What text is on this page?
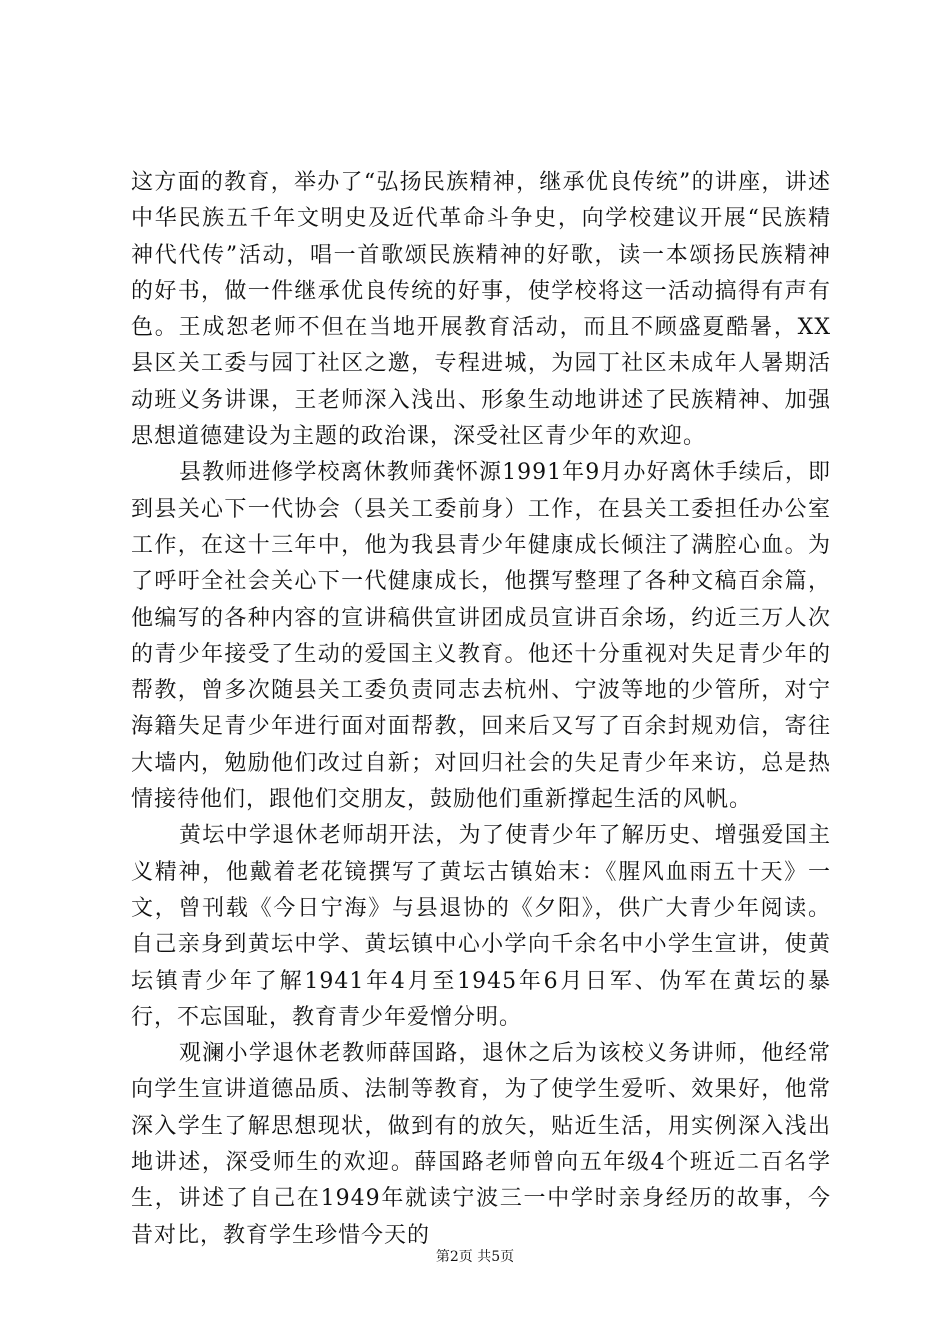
这方面的教育，举办了“弘扬民族精神，继承优良传统”的讲座，讲述中华民族五千年文明史及近代革命斗争史，向学校建议开展“民族精神代代传”活动，唱一首歌颂民族精神的好歌，读一本颂扬民族精神的好书，做一件继承优良传统的好事，使学校将这一活动搞得有声有色。王成恕老师不但在当地开展教育活动，而且不顾盛夏酷暑，XX县区关工委与园丁社区之邀，专程进城，为园丁社区未成年人暑期活动班义务讲课，王老师深入浅出、形象生动地讲述了民族精神、加强思想道德建设为主题的政治课，深受社区青少年的欢迎。

县教师进修学校离休教师龚怀源1991年9月办好离休手续后，即到县关心下一代协会（县关工委前身）工作，在县关工委担任办公室工作，在这十三年中，他为我县青少年健康成长倾注了满腔心血。为了呼吁全社会关心下一代健康成长，他撰写整理了各种文稿百余篇，他编写的各种内容的宣讲稿供宣讲团成员宣讲百余场，约近三万人次的青少年接受了生动的爱国主义教育。他还十分重视对失足青少年的帮教，曾多次随县关工委负责同志去杭州、宁波等地的少管所，对宁海籍失足青少年进行面对面帮教，回来后又写了百余封规劝信，寄往大墙内，勉励他们改过自新；对回归社会的失足青少年来访，总是热情接待他们，跟他们交朋友，鼓励他们重新撑起生活的风帆。

黄坛中学退休老师胡开法，为了使青少年了解历史、增强爱国主义精神，他戴着老花镜撰写了黄坛古镇始末：《腥风血雨五十天》一文，曾刊载《今日宁海》与县退协的《夕阳》，供广大青少年阅读。自己亲身到黄坛中学、黄坛镇中心小学向千余名中小学生宣讲，使黄坛镇青少年了解1941年4月至1945年6月日军、伪军在黄坛的暴行，不忘国耻，教育青少年爱憎分明。

观澜小学退休老教师薛国路，退休之后为该校义务讲师，他经常向学生宣讲道德品质、法制等教育，为了使学生爱听、效果好，他常深入学生了解思想现状，做到有的放矢，贴近生活，用实例深入浅出地讲述，深受师生的欢迎。薛国路老师曾向五年级4个班近二百名学生，讲述了自己在1949年就读宁波三一中学时亲身经历的故事，今昔对比，教育学生珍惜今天的

第2页 共5页
